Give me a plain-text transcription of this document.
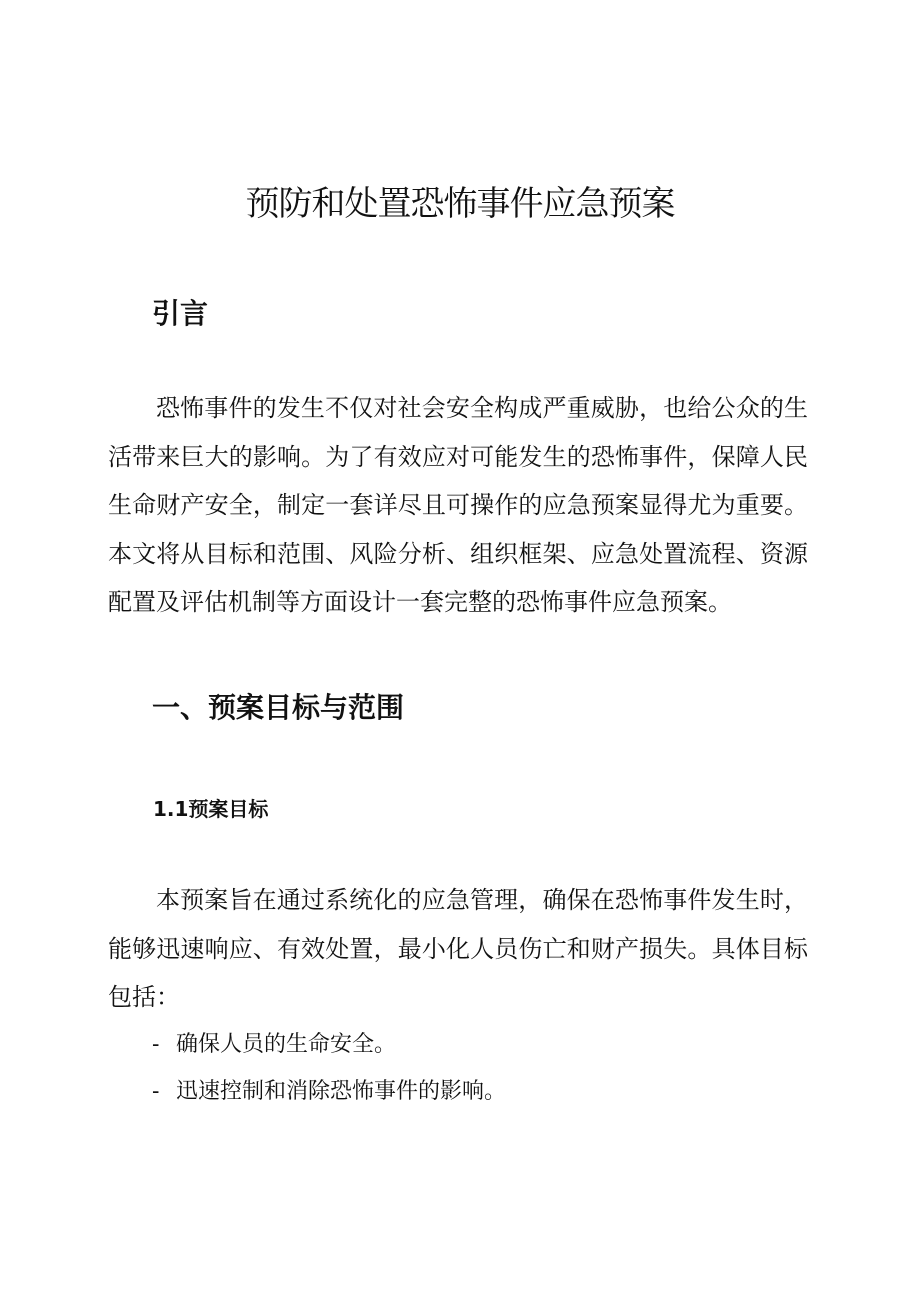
预防和处置恐怖事件应急预案
引言

恐怖事件的发生不仅对社会安全构成严重威胁，也给公众的生活带来巨大的影响。为了有效应对可能发生的恐怖事件，保障人民生命财产安全，制定一套详尽且可操作的应急预案显得尤为重要。本文将从目标和范围、风险分析、组织框架、应急处置流程、资源配置及评估机制等方面设计一套完整的恐怖事件应急预案。

一、预案目标与范围
1.1预案目标

本预案旨在通过系统化的应急管理，确保在恐怖事件发生时，能够迅速响应、有效处置，最小化人员伤亡和财产损失。具体目标包括：

- 确保人员的生命安全。
- 迅速控制和消除恐怖事件的影响。
